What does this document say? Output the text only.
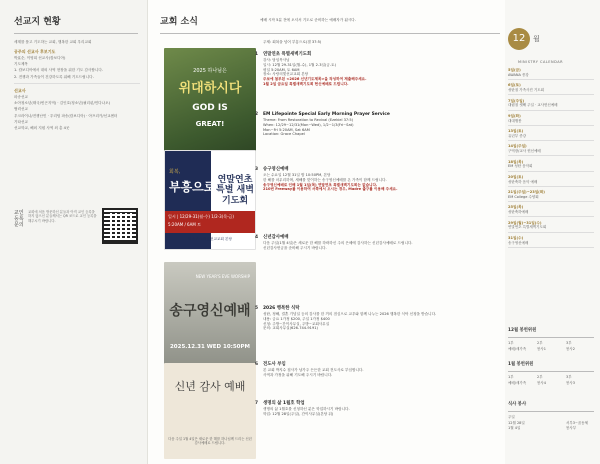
선교지 현황
세계를 품고 기도하는 교회, 행복한 교회 우리교회
공주의 선교사 후보기도
박효순, 이영희 선교사(캄보디아)
기도제목
1. 캄보디아에서 대외 사역 현장을 위한 기도 감사합니다.
2. 전쟁과 가족들이 건강하도록 위해 기도드립니다.
선교사
파송선교
소아청소년(태국/빈곤지역) · 김인호/청소년(필리핀/민다나오)
협력선교
우크라이나/전쟁난민 · 우리팀 파송(캄보디아) · 아프리카/선교센터
기타선교
선교학교, 해외 지원 사역 외 총 4곳
교인 등록 문의
교회에 처음 방문하신 분들과 아직 교인 등록을 하지 않으신 분들께서는 QR 코드로 교인 등록을 해주시기 바랍니다.
교회 소식	예배 시작 5분 전에 오셔서 기도로 준비하는 예배자가 됩시다.
2025 하나님은
위대하시다
GOD IS
GREAT!
회복,
부흥으로 연말연초 특별 새벽 기도회
일시 | 12/29-31(월-수) 1/2-3(목-금)
5:20AM / 6AM 토
장소 사랑의빛선교교회 본당
NEW YEAR'S EVE WORSHIP
송구영신예배
2025.12.31 WED 10:50PM
신년 감사 예배
다음 주일 1월 4일은 새로운 한 해를 하나님께 드리는 신년감사예배로 드립니다.
주제: 회복을 넘어 부흥으로(겔 37:5)
1 연말연초 특별새벽기도회
강사: 담임목사님
일시: 12월 29-31일(월-수), 1월 2-3일(금-토)
평일 5:20AM, 토 6AM
장소: 사랑의빛선교교회 본당
주보에 첨부된 <2026 신년기도제목>을 작성하여 제출해주세요.
1월 2일 금요일 특별새벽기도회 헌신예배로 드립니다.
2 EM Lifepointe Special Early Morning Prayer Service
Theme: From Restoration to Revival (Ezekiel 37:5)
When: 12/29~12/31(Mon~Wed), 1/2~1/3(Fri~Sat)
Mon~Fri 5:20AM, Sat 6AM
Location: Grace Chapel
3 송구영신예배
오는 수요일 12월 31일 밤 10:50PM, 본당
한 해를 마무리하며, 새해를 맞이하는 송구영신예배를 온 가족이 함께 드립니다.
송구영신예배로 인해 1월 1일(목) 연말연초 특별새벽기도회는 없습니다.
210번 Freeway를 이용하여 서쪽에서 오시는 경우, Madre 출구를 이용해 주세요.
4 신년감사예배
다음 주일(1월 4일)은 새로운 한 해를 하락하신 주의 은혜에 감사하는 신년감사예배로 드립니다.
신년감사헌금을 준비해 주시기 바랍니다.
5 2026 행복한 식탁
성탄, 정해, 결혼 기념일 등의 감사를 한 끼의 점심으로 교우와 함께 나누는 2026 행복한 식탁 신청을 받습니다.
내용: 금요 1가정 $200, 주일 1가정 $400
신청: 주방~간이사무실, 주방~교회사무실
문의: 교회사무실(626-744-9191)
6 전도사 부임
본 교회 박지수 집사가 남가주 든든한 교회 전도사로 부임합니다.
사역과 가정을 위해 기도해 주시기 바랍니다.
7 생명의 삶 1월호 학업
생명의 삶 1월호를 신청하신 분은 학업하시기 바랍니다.
학업: 12월 28일(주일), 간이사무실(본당 뒤)
12	월
MINISTRY CALENDAR
5일(금)
AWANA 종강
6일(토)
성탄절 가족사진 기도회
7일(주일)
대림절 셋째 주일 · 교사헌신예배
9일(화)
대대행봉
13일(토)
유년부 종강
14일(주일)
구역장/교사 헌신예배
18일(목)
EM 성탄 음악회
20일(토)
성탄축하 음악 예배
21일(주일)~23일(화)
EM College 수양회
25일(목)
성탄축하예배
29일(월)~31일(수)
연말연초 특별새벽기도회
31일(수)
송구영신예배
12월 봉헌위원
1부	2부	3부
예배/새가족	봉사1	봉사2
1월 봉헌위원
1부	2부	3부
예배/새가족	봉사4	봉사3
식사 봉사
주일
12월 28일	서부3~꿈동체
1월 4일	봉사부
